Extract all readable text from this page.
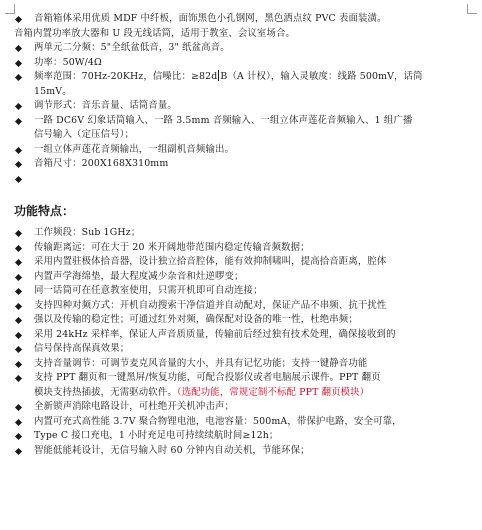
音箱箱体采用优质 MDF 中纤板，面饰黑色小孔钢网，黑色洒点纹 PVC 表面装潢。
音箱内置功率放大器和 U 段无线话筒，适用于教室、会议室场合。
两单元二分频：5"全纸盆低音，3" 纸盆高音。
功率：50W/4Ω
频率范围：70Hz-20KHz，信噪比：≥82d B（A 计权），输入灵敏度：线路 500mV，话筒
15mV。
调节形式：音乐音量、话筒音量。
一路 DC6V 幻象话筒输入、一路 3.5mm 音频输入、一组立体声莲花音频输入、1 组广播
信号输入（定压信号）；
一组立体声莲花音频输出，一组副机音频输出。
音箱尺寸：200X168X310mm
功能特点：
工作频段：Sub 1GHz；
传输距离远：可在大于 20 米开阔地带范围内稳定传输音频数据；
采用内置驻极体拾音器，设计独立拾音腔体，能有效抑制啸叫，提高拾音距离，腔体
内置声学海绵垫，最大程度减少杂音和灶逆啰变；
同一话筒可在任意教室使用，只需开机即可自动连接；
支持四种对频方式：开机自动搜索干净信道并自动配对，保证产品不串频、抗干扰性
强以及传输的稳定性；可通过红外对频，确保配对设备的唯一性，杜绝串频；
采用 24kHz 采样率，保证人声音质质量，传输前后经过独有技术处理，确保接收到的
信号保持高保真效果；
支持音量调节：可调节麦克风音量的大小，并具有记忆功能；支持一键静音功能
支持 PPT 翻页和一键黑屏/恢复功能，可配合投影仪或者电脑展示课件。PPT 翻页
模块支持热插拔，无需驱动软件。（选配功能，常规定制不标配 PPT 翻页模块）
全新锁声消除电路设计，可杜绝开关机冲击声；
内置可充式高性能 3.7V 聚合物锂电池，电池容量：500mA，带保护电路，安全可靠，
Type C 接口充电，1 小时充足电可持续续航时间≥12h；
智能低能耗设计，无信号输入时 60 分钟内自动关机，节能环保；
